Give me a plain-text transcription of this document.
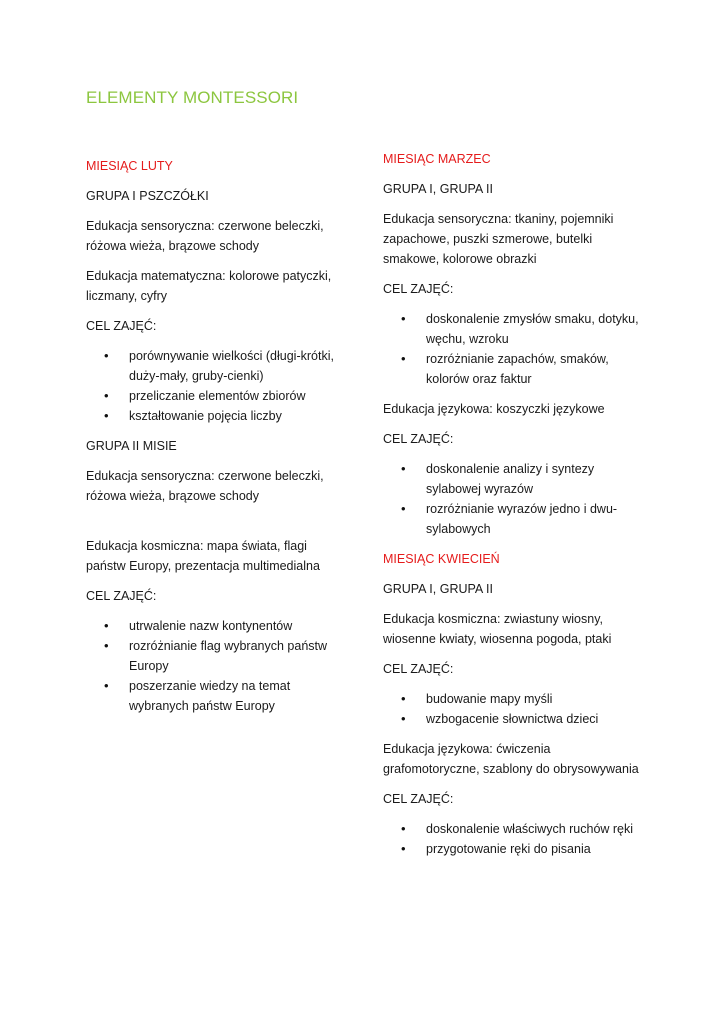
ELEMENTY MONTESSORI

MIESIĄC LUTY

GRUPA I PSZCZÓŁKI

Edukacja sensoryczna: czerwone beleczki, różowa wieża, brązowe schody

Edukacja matematyczna: kolorowe patyczki, liczmany, cyfry

CEL ZAJĘĆ:

• porównywanie wielkości (długi-krótki, duży-mały, gruby-cienki)
• przeliczanie elementów zbiorów
• kształtowanie pojęcia liczby

GRUPA II MISIE

Edukacja sensoryczna: czerwone beleczki, różowa wieża, brązowe schody

Edukacja kosmiczna: mapa świata, flagi państw Europy, prezentacja multimedialna

CEL ZAJĘĆ:

• utrwalenie nazw kontynentów
• rozróżnianie flag wybranych państw Europy
• poszerzanie wiedzy na temat wybranych państw Europy

MIESIĄC MARZEC

GRUPA I, GRUPA II

Edukacja sensoryczna: tkaniny, pojemniki zapachowe, puszki szmerowe, butelki smakowe, kolorowe obrazki

CEL ZAJĘĆ:

• doskonalenie zmysłów smaku, dotyku, węchu, wzroku
• rozróżnianie zapachów, smaków, kolorów oraz faktur

Edukacja językowa: koszyczki językowe

CEL ZAJĘĆ:

• doskonalenie analizy i syntezy sylabowej wyrazów
• rozróżnianie wyrazów jedno i dwu-sylabowych

MIESIĄC KWIECIEŃ

GRUPA I, GRUPA II

Edukacja kosmiczna: zwiastuny wiosny, wiosenne kwiaty, wiosenna pogoda, ptaki

CEL ZAJĘĆ:

• budowanie mapy myśli
• wzbogacenie słownictwa dzieci

Edukacja językowa: ćwiczenia grafomotoryczne, szablony do obrysowywania

CEL ZAJĘĆ:

• doskonalenie właściwych ruchów ręki
• przygotowanie ręki do pisania
